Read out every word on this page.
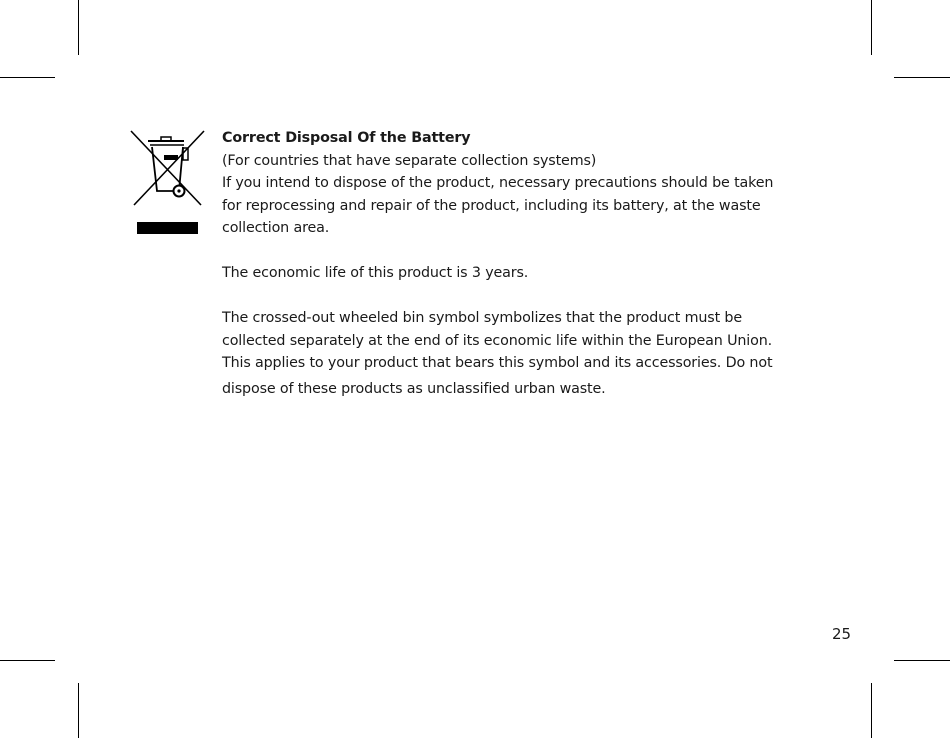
Correct Disposal Of the Battery

(For countries that have separate collection systems)

If you intend to dispose of the product, necessary precautions should be taken

for reprocessing and repair of the product, including its battery, at the waste

collection area.

The economic life of this product is 3 years.

The crossed-out wheeled bin symbol symbolizes that the product must be

collected separately at the end of its economic life within the European Union.

This applies to your product that bears this symbol and its accessories. Do not

dispose of these products as unclassified urban waste.

25
